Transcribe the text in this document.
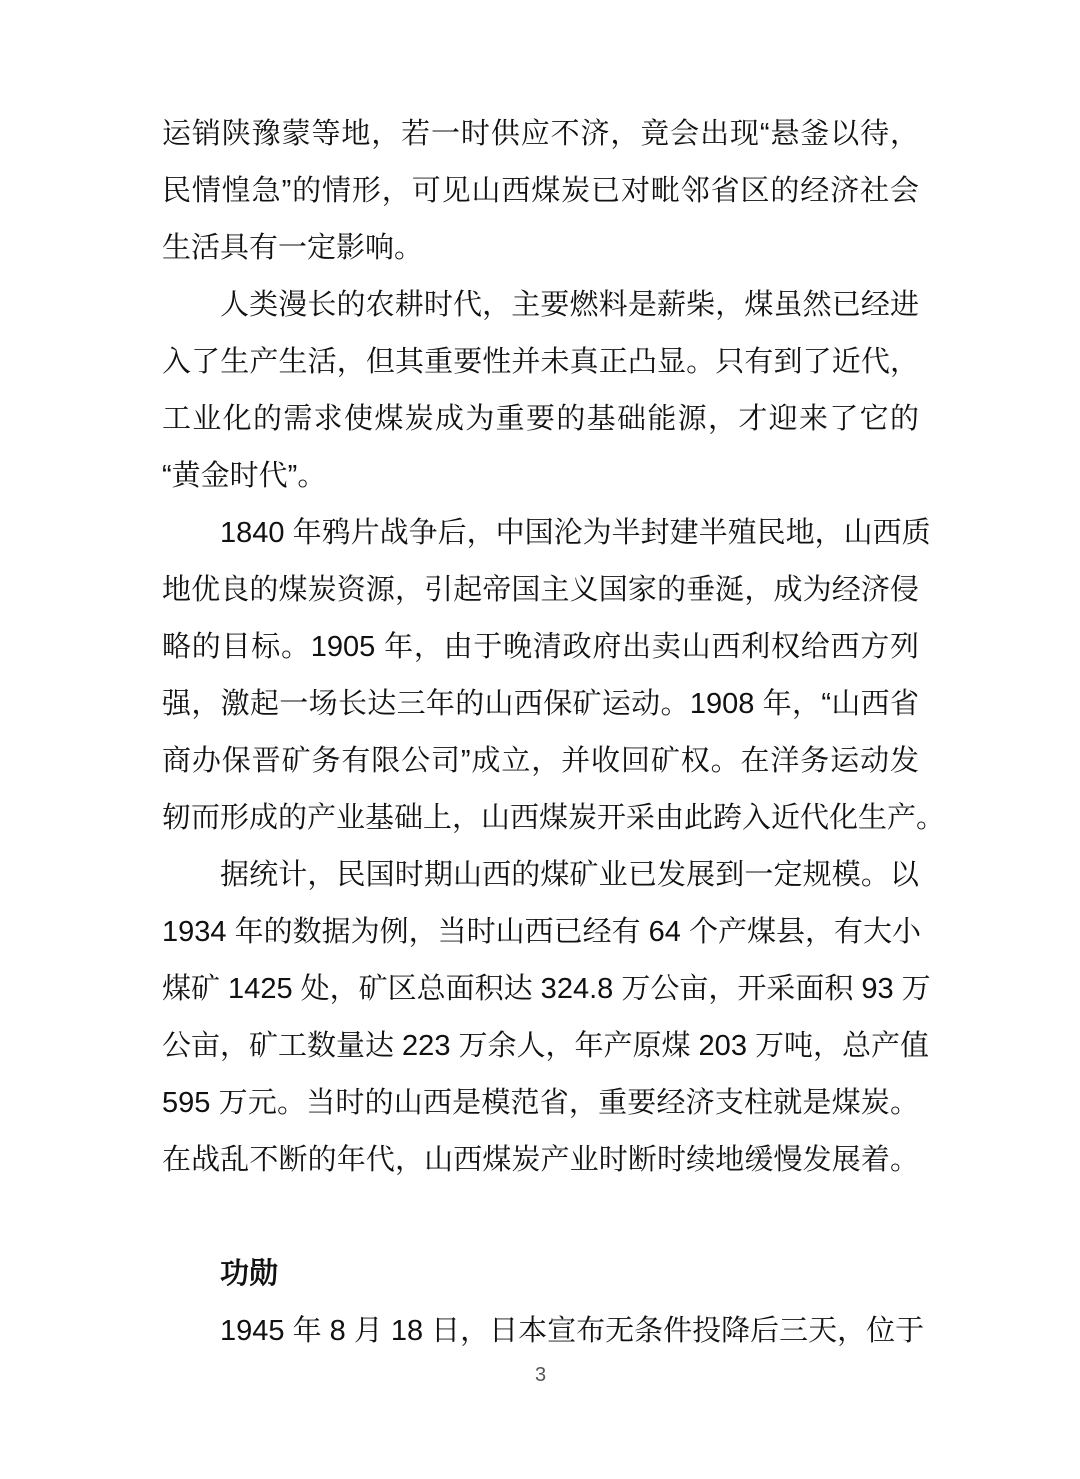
运销陕豫蒙等地，若一时供应不济，竟会出现“悬釜以待，

民情惶急”的情形，可见山西煤炭已对毗邻省区的经济社会

生活具有一定影响。

人类漫长的农耕时代，主要燃料是薪柴，煤虽然已经进

入了生产生活，但其重要性并未真正凸显。只有到了近代，

工业化的需求使煤炭成为重要的基础能源，才迎来了它的

“黄金时代”。

1840 年鸦片战争后，中国沦为半封建半殖民地，山西质

地优良的煤炭资源，引起帝国主义国家的垂涎，成为经济侵

略的目标。1905 年，由于晚清政府出卖山西利权给西方列

强，激起一场长达三年的山西保矿运动。1908 年，“山西省

商办保晋矿务有限公司”成立，并收回矿权。在洋务运动发

轫而形成的产业基础上，山西煤炭开采由此跨入近代化生产。

据统计，民国时期山西的煤矿业已发展到一定规模。以

1934 年的数据为例，当时山西已经有 64 个产煤县，有大小

煤矿 1425 处，矿区总面积达 324.8 万公亩，开采面积 93 万

公亩，矿工数量达 223 万余人，年产原煤 203 万吨，总产值

595 万元。当时的山西是模范省，重要经济支柱就是煤炭。

在战乱不断的年代，山西煤炭产业时断时续地缓慢发展着。

功勋

1945 年 8 月 18 日，日本宣布无条件投降后三天，位于

3
